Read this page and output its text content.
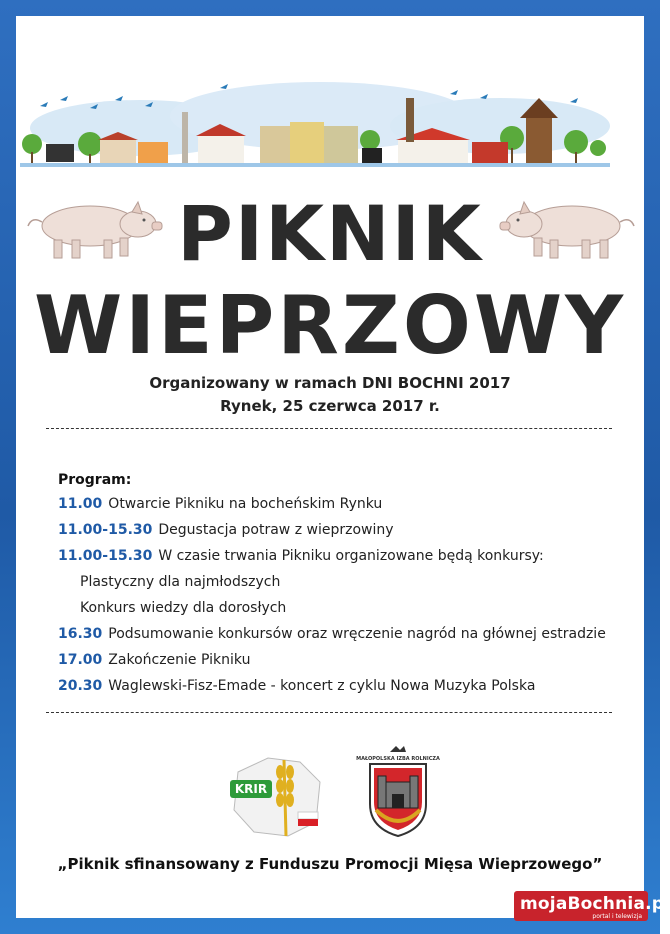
PIKNIK
WIEPRZOWY
Organizowany w ramach DNI BOCHNI 2017
Rynek, 25 czerwca 2017 r.
Program:
11.00 Otwarcie Pikniku na bocheńskim Rynku
11.00-15.30 Degustacja potraw z wieprzowiny
11.00-15.30 W czasie trwania Pikniku organizowane będą konkursy:
Plastyczny dla najmłodszych
Konkurs wiedzy dla dorosłych
16.30 Podsumowanie konkursów oraz wręczenie nagród na głównej estradzie
17.00 Zakończenie Pikniku
20.30 Waglewski-Fisz-Emade - koncert z cyklu Nowa Muzyka Polska
KRIR
MAŁOPOLSKA IZBA ROLNICZA
„Piknik sfinansowany z Funduszu Promocji Mięsa Wieprzowego”
mojaBochnia.pl
portal i telewizja
